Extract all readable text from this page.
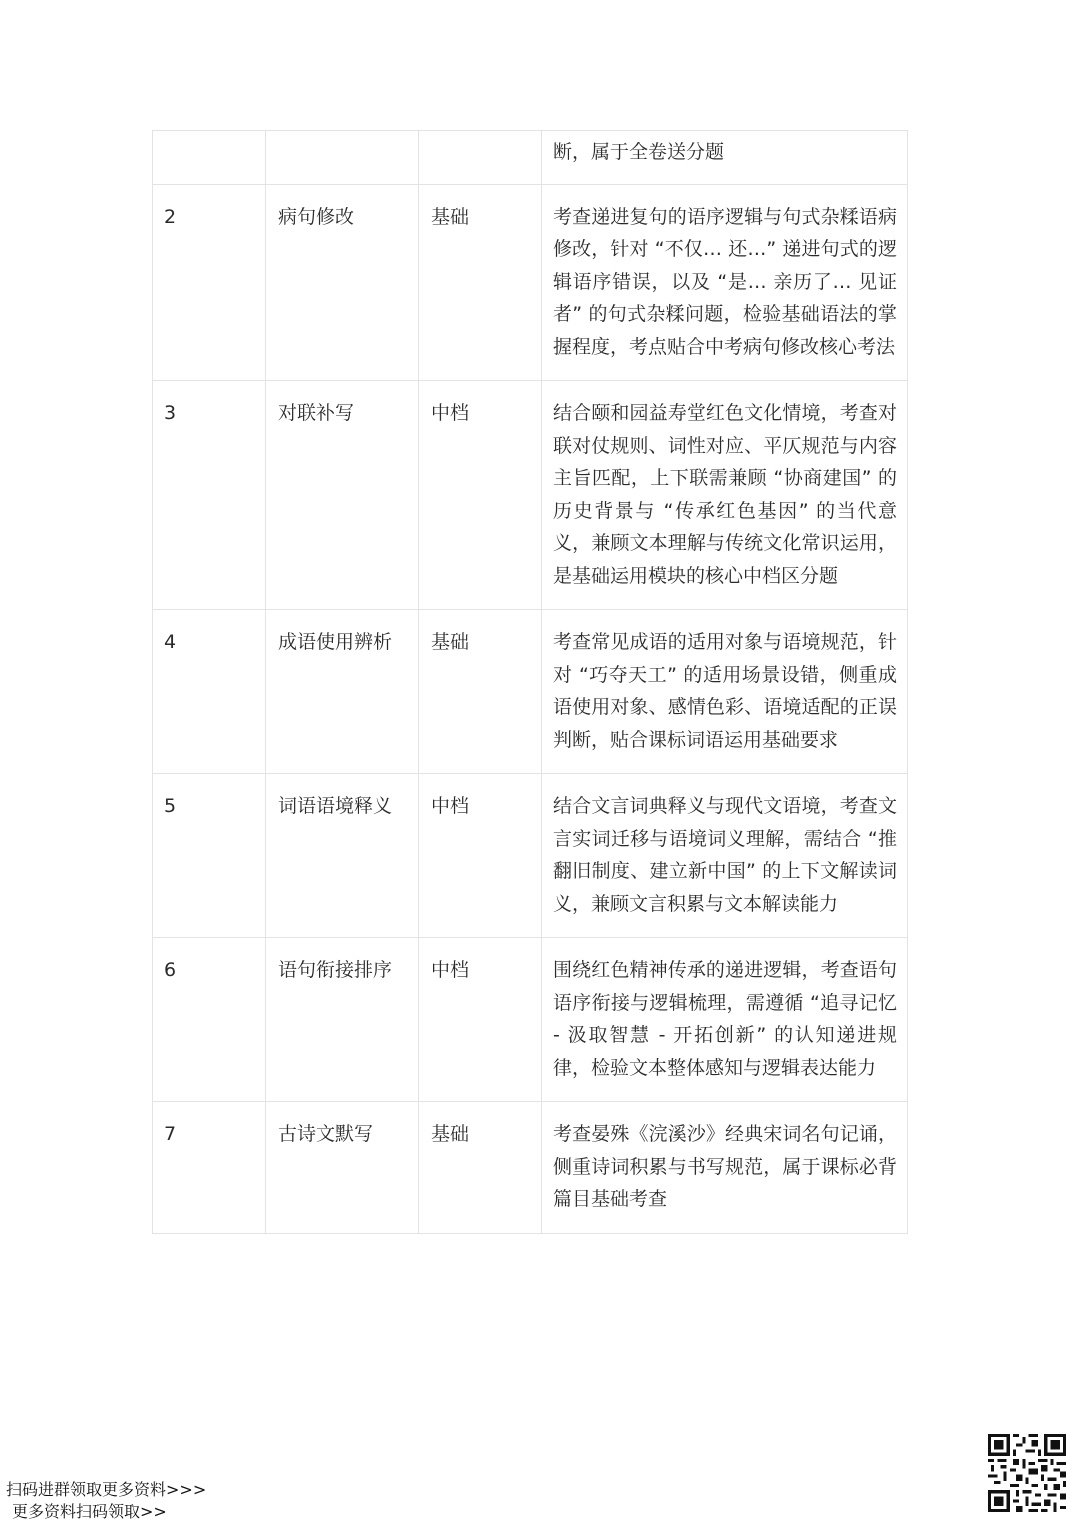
			断，属于全卷送分题

2	病句修改	基础	考查递进复句的语序逻辑与句式杂糅语病修改，针对 “不仅… 还…” 递进句式的逻辑语序错误，以及 “是… 亲历了… 见证者” 的句式杂糅问题，检验基础语法的掌握程度，考点贴合中考病句修改核心考法

3	对联补写	中档	结合颐和园益寿堂红色文化情境，考查对联对仗规则、词性对应、平仄规范与内容主旨匹配，上下联需兼顾 “协商建国” 的历史背景与 “传承红色基因” 的当代意义，兼顾文本理解与传统文化常识运用，是基础运用模块的核心中档区分题

4	成语使用辨析	基础	考查常见成语的适用对象与语境规范，针对 “巧夺天工” 的适用场景设错，侧重成语使用对象、感情色彩、语境适配的正误判断，贴合课标词语运用基础要求

5	词语语境释义	中档	结合文言词典释义与现代文语境，考查文言实词迁移与语境词义理解，需结合 “推翻旧制度、建立新中国” 的上下文解读词义，兼顾文言积累与文本解读能力

6	语句衔接排序	中档	围绕红色精神传承的递进逻辑，考查语句语序衔接与逻辑梳理，需遵循 “追寻记忆 - 汲取智慧 - 开拓创新” 的认知递进规律，检验文本整体感知与逻辑表达能力

7	古诗文默写	基础	考查晏殊《浣溪沙》经典宋词名句记诵，侧重诗词积累与书写规范，属于课标必背篇目基础考查
扫码进群领取更多资料>>>
更多资料扫码领取>>
